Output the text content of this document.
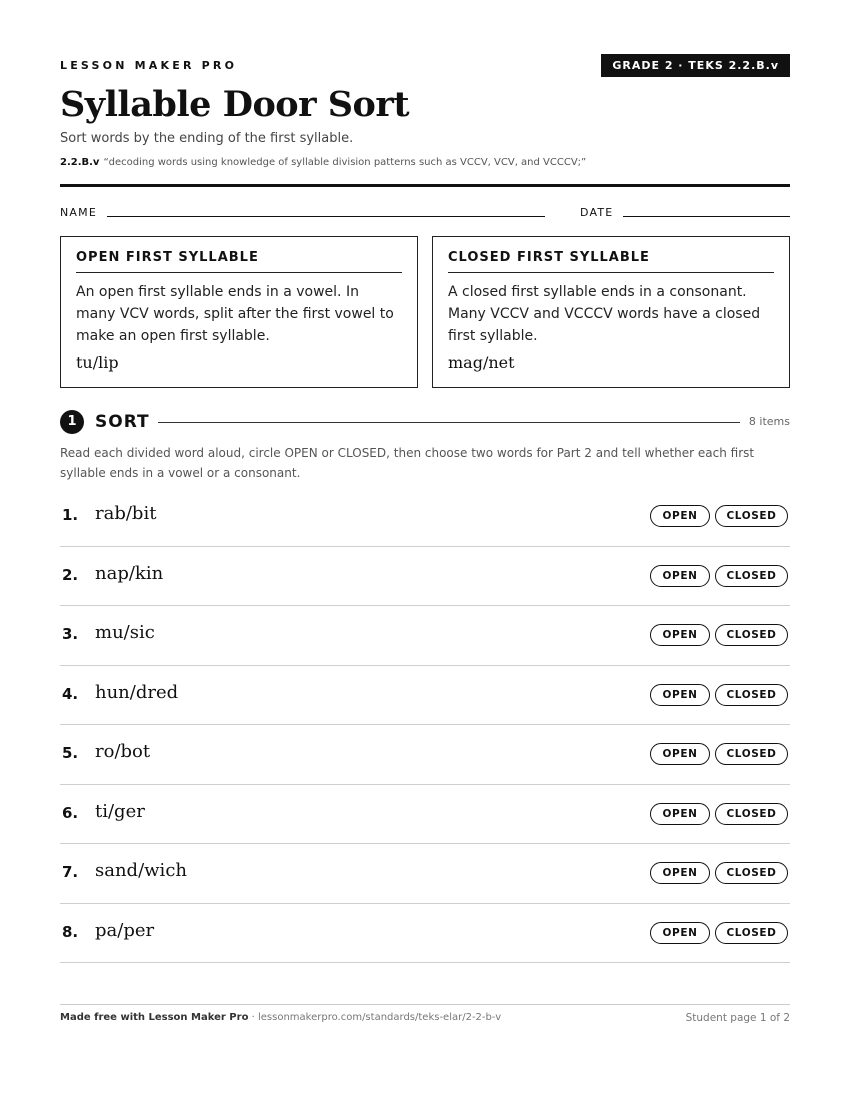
LESSON MAKER PRO	GRADE 2 · TEKS 2.2.B.v
Syllable Door Sort
Sort words by the ending of the first syllable.
2.2.B.v “decoding words using knowledge of syllable division patterns such as VCCV, VCV, and VCCCV;”
NAME	DATE
OPEN FIRST SYLLABLE
An open first syllable ends in a vowel. In many VCV words, split after the first vowel to make an open first syllable.
tu/lip
CLOSED FIRST SYLLABLE
A closed first syllable ends in a consonant. Many VCCV and VCCCV words have a closed first syllable.
mag/net
1	SORT	8 items
Read each divided word aloud, circle OPEN or CLOSED, then choose two words for Part 2 and tell whether each first syllable ends in a vowel or a consonant.
1. rab/bit	OPEN	CLOSED
2. nap/kin	OPEN	CLOSED
3. mu/sic	OPEN	CLOSED
4. hun/dred	OPEN	CLOSED
5. ro/bot	OPEN	CLOSED
6. ti/ger	OPEN	CLOSED
7. sand/wich	OPEN	CLOSED
8. pa/per	OPEN	CLOSED
Made free with Lesson Maker Pro · lessonmakerpro.com/standards/teks-elar/2-2-b-v	Student page 1 of 2
